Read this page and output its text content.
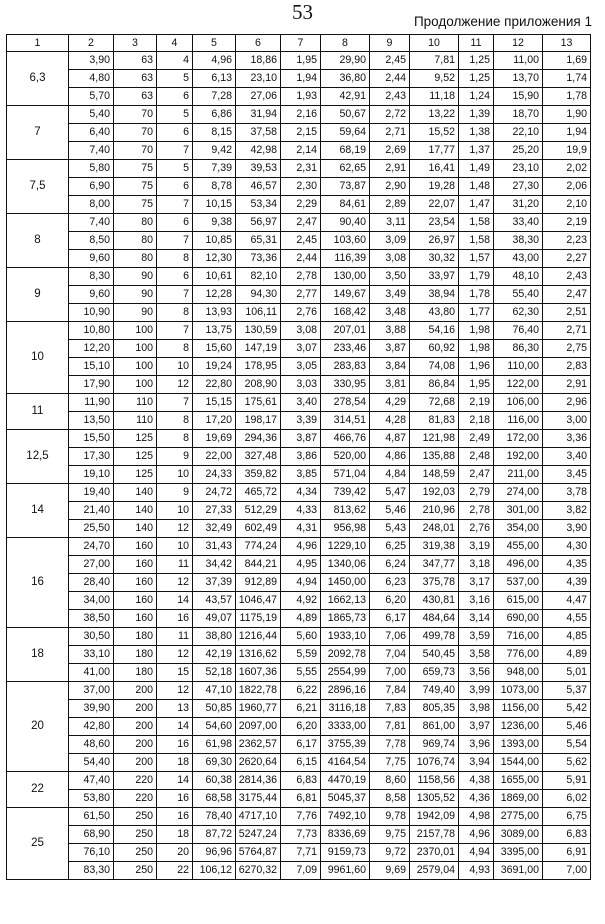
53	Продолжение приложения 1
1	2	3	4	5	6	7	8	9	10	11	12	13
6,3	3,90	63	4	4,96	18,86	1,95	29,90	2,45	7,81	1,25	11,00	1,69
	4,80	63	5	6,13	23,10	1,94	36,80	2,44	9,52	1,25	13,70	1,74
	5,70	63	6	7,28	27,06	1,93	42,91	2,43	11,18	1,24	15,90	1,78
7	5,40	70	5	6,86	31,94	2,16	50,67	2,72	13,22	1,39	18,70	1,90
	6,40	70	6	8,15	37,58	2,15	59,64	2,71	15,52	1,38	22,10	1,94
	7,40	70	7	9,42	42,98	2,14	68,19	2,69	17,77	1,37	25,20	19,9
7,5	5,80	75	5	7,39	39,53	2,31	62,65	2,91	16,41	1,49	23,10	2,02
	6,90	75	6	8,78	46,57	2,30	73,87	2,90	19,28	1,48	27,30	2,06
	8,00	75	7	10,15	53,34	2,29	84,61	2,89	22,07	1,47	31,20	2,10
8	7,40	80	6	9,38	56,97	2,47	90,40	3,11	23,54	1,58	33,40	2,19
	8,50	80	7	10,85	65,31	2,45	103,60	3,09	26,97	1,58	38,30	2,23
	9,60	80	8	12,30	73,36	2,44	116,39	3,08	30,32	1,57	43,00	2,27
9	8,30	90	6	10,61	82,10	2,78	130,00	3,50	33,97	1,79	48,10	2,43
	9,60	90	7	12,28	94,30	2,77	149,67	3,49	38,94	1,78	55,40	2,47
	10,90	90	8	13,93	106,11	2,76	168,42	3,48	43,80	1,77	62,30	2,51
10	10,80	100	7	13,75	130,59	3,08	207,01	3,88	54,16	1,98	76,40	2,71
	12,20	100	8	15,60	147,19	3,07	233,46	3,87	60,92	1,98	86,30	2,75
	15,10	100	10	19,24	178,95	3,05	283,83	3,84	74,08	1,96	110,00	2,83
	17,90	100	12	22,80	208,90	3,03	330,95	3,81	86,84	1,95	122,00	2,91
11	11,90	110	7	15,15	175,61	3,40	278,54	4,29	72,68	2,19	106,00	2,96
	13,50	110	8	17,20	198,17	3,39	314,51	4,28	81,83	2,18	116,00	3,00
12,5	15,50	125	8	19,69	294,36	3,87	466,76	4,87	121,98	2,49	172,00	3,36
	17,30	125	9	22,00	327,48	3,86	520,00	4,86	135,88	2,48	192,00	3,40
	19,10	125	10	24,33	359,82	3,85	571,04	4,84	148,59	2,47	211,00	3,45
14	19,40	140	9	24,72	465,72	4,34	739,42	5,47	192,03	2,79	274,00	3,78
	21,40	140	10	27,33	512,29	4,33	813,62	5,46	210,96	2,78	301,00	3,82
	25,50	140	12	32,49	602,49	4,31	956,98	5,43	248,01	2,76	354,00	3,90
16	24,70	160	10	31,43	774,24	4,96	1229,10	6,25	319,38	3,19	455,00	4,30
	27,00	160	11	34,42	844,21	4,95	1340,06	6,24	347,77	3,18	496,00	4,35
	28,40	160	12	37,39	912,89	4,94	1450,00	6,23	375,78	3,17	537,00	4,39
	34,00	160	14	43,57	1046,47	4,92	1662,13	6,20	430,81	3,16	615,00	4,47
	38,50	160	16	49,07	1175,19	4,89	1865,73	6,17	484,64	3,14	690,00	4,55
18	30,50	180	11	38,80	1216,44	5,60	1933,10	7,06	499,78	3,59	716,00	4,85
	33,10	180	12	42,19	1316,62	5,59	2092,78	7,04	540,45	3,58	776,00	4,89
	41,00	180	15	52,18	1607,36	5,55	2554,99	7,00	659,73	3,56	948,00	5,01
20	37,00	200	12	47,10	1822,78	6,22	2896,16	7,84	749,40	3,99	1073,00	5,37
	39,90	200	13	50,85	1960,77	6,21	3116,18	7,83	805,35	3,98	1156,00	5,42
	42,80	200	14	54,60	2097,00	6,20	3333,00	7,81	861,00	3,97	1236,00	5,46
	48,60	200	16	61,98	2362,57	6,17	3755,39	7,78	969,74	3,96	1393,00	5,54
	54,40	200	18	69,30	2620,64	6,15	4164,54	7,75	1076,74	3,94	1544,00	5,62
22	47,40	220	14	60,38	2814,36	6,83	4470,19	8,60	1158,56	4,38	1655,00	5,91
	53,80	220	16	68,58	3175,44	6,81	5045,37	8,58	1305,52	4,36	1869,00	6,02
25	61,50	250	16	78,40	4717,10	7,76	7492,10	9,78	1942,09	4,98	2775,00	6,75
	68,90	250	18	87,72	5247,24	7,73	8336,69	9,75	2157,78	4,96	3089,00	6,83
	76,10	250	20	96,96	5764,87	7,71	9159,73	9,72	2370,01	4,94	3395,00	6,91
	83,30	250	22	106,12	6270,32	7,09	9961,60	9,69	2579,04	4,93	3691,00	7,00
